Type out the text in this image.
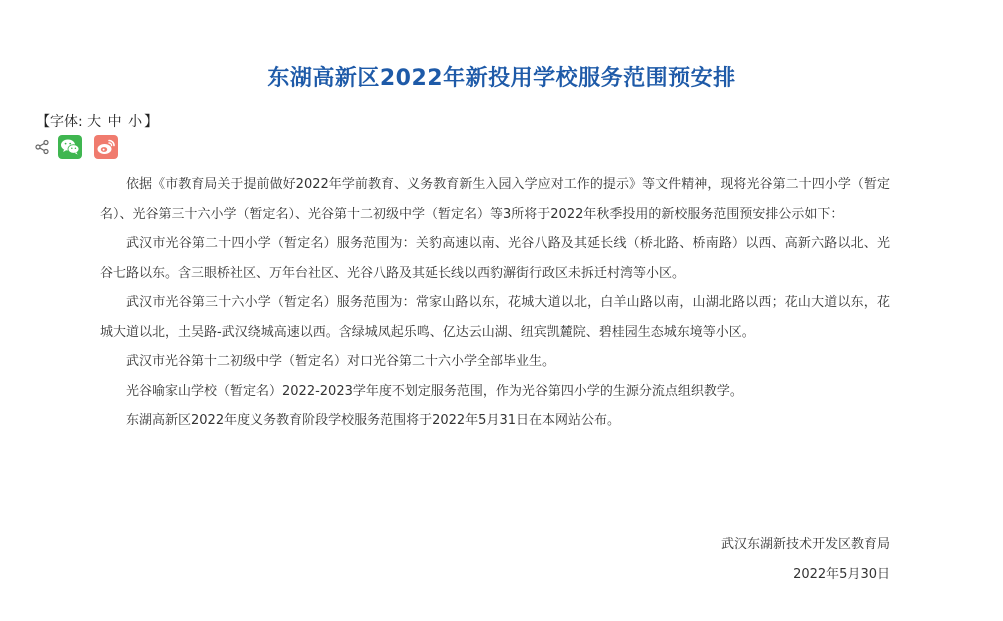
东湖高新区2022年新投用学校服务范围预安排
【字体: 大 中 小 】

依据《市教育局关于提前做好2022年学前教育、义务教育新生入园入学应对工作的提示》等文件精神，现将光谷第二十四小学（暂定名）、光谷第三十六小学（暂定名）、光谷第十二初级中学（暂定名）等3所将于2022年秋季投用的新校服务范围预安排公示如下：

武汉市光谷第二十四小学（暂定名）服务范围为：关豹高速以南、光谷八路及其延长线（桥北路、桥南路）以西、高新六路以北、光谷七路以东。含三眼桥社区、万年台社区、光谷八路及其延长线以西豹澥街行政区未拆迁村湾等小区。

武汉市光谷第三十六小学（暂定名）服务范围为：常家山路以东，花城大道以北，白羊山路以南，山湖北路以西；花山大道以东，花城大道以北，土吴路-武汉绕城高速以西。含绿城凤起乐鸣、亿达云山湖、纽宾凯麓院、碧桂园生态城东境等小区。

武汉市光谷第十二初级中学（暂定名）对口光谷第二十六小学全部毕业生。

光谷喻家山学校（暂定名）2022-2023学年度不划定服务范围，作为光谷第四小学的生源分流点组织教学。

东湖高新区2022年度义务教育阶段学校服务范围将于2022年5月31日在本网站公布。

武汉东湖新技术开发区教育局
2022年5月30日
